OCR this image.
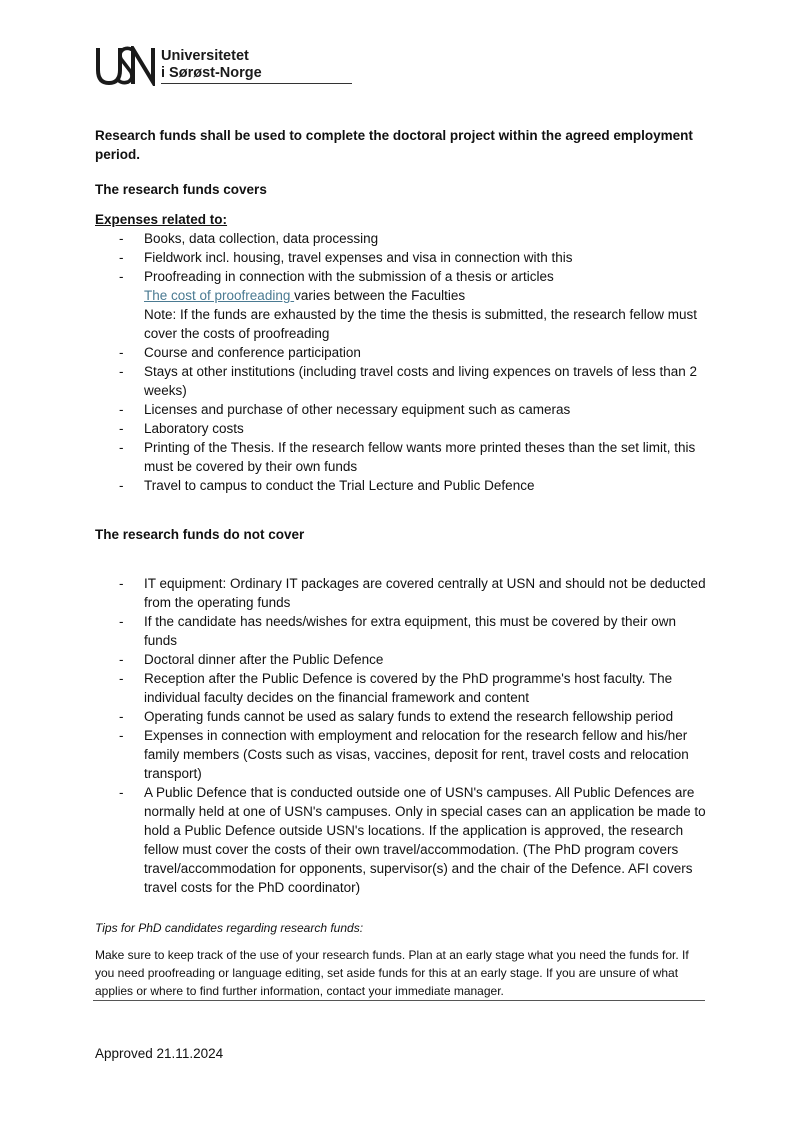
Universitetet
i Sørøst-Norge

Research funds shall be used to complete the doctoral project within the agreed employment period.

The research funds covers

Expenses related to:

- Books, data collection, data processing
- Fieldwork incl. housing, travel expenses and visa in connection with this
- Proofreading in connection with the submission of a thesis or articles
The cost of proofreading varies between the Faculties
Note: If the funds are exhausted by the time the thesis is submitted, the research fellow must cover the costs of proofreading
- Course and conference participation
- Stays at other institutions (including travel costs and living expences on travels of less than 2 weeks)
- Licenses and purchase of other necessary equipment such as cameras
- Laboratory costs
- Printing of the Thesis. If the research fellow wants more printed theses than the set limit, this must be covered by their own funds
- Travel to campus to conduct the Trial Lecture and Public Defence

The research funds do not cover

- IT equipment: Ordinary IT packages are covered centrally at USN and should not be deducted from the operating funds
- If the candidate has needs/wishes for extra equipment, this must be covered by their own funds
- Doctoral dinner after the Public Defence
- Reception after the Public Defence is covered by the PhD programme's host faculty. The individual faculty decides on the financial framework and content
- Operating funds cannot be used as salary funds to extend the research fellowship period
- Expenses in connection with employment and relocation for the research fellow and his/her family members (Costs such as visas, vaccines, deposit for rent, travel costs and relocation transport)
- A Public Defence that is conducted outside one of USN's campuses. All Public Defences are normally held at one of USN's campuses. Only in special cases can an application be made to hold a Public Defence outside USN's locations. If the application is approved, the research fellow must cover the costs of their own travel/accommodation. (The PhD program covers travel/accommodation for opponents, supervisor(s) and the chair of the Defence. AFI covers travel costs for the PhD coordinator)

Tips for PhD candidates regarding research funds:

Make sure to keep track of the use of your research funds. Plan at an early stage what you need the funds for. If you need proofreading or language editing, set aside funds for this at an early stage. If you are unsure of what applies or where to find further information, contact your immediate manager.

Approved 21.11.2024
